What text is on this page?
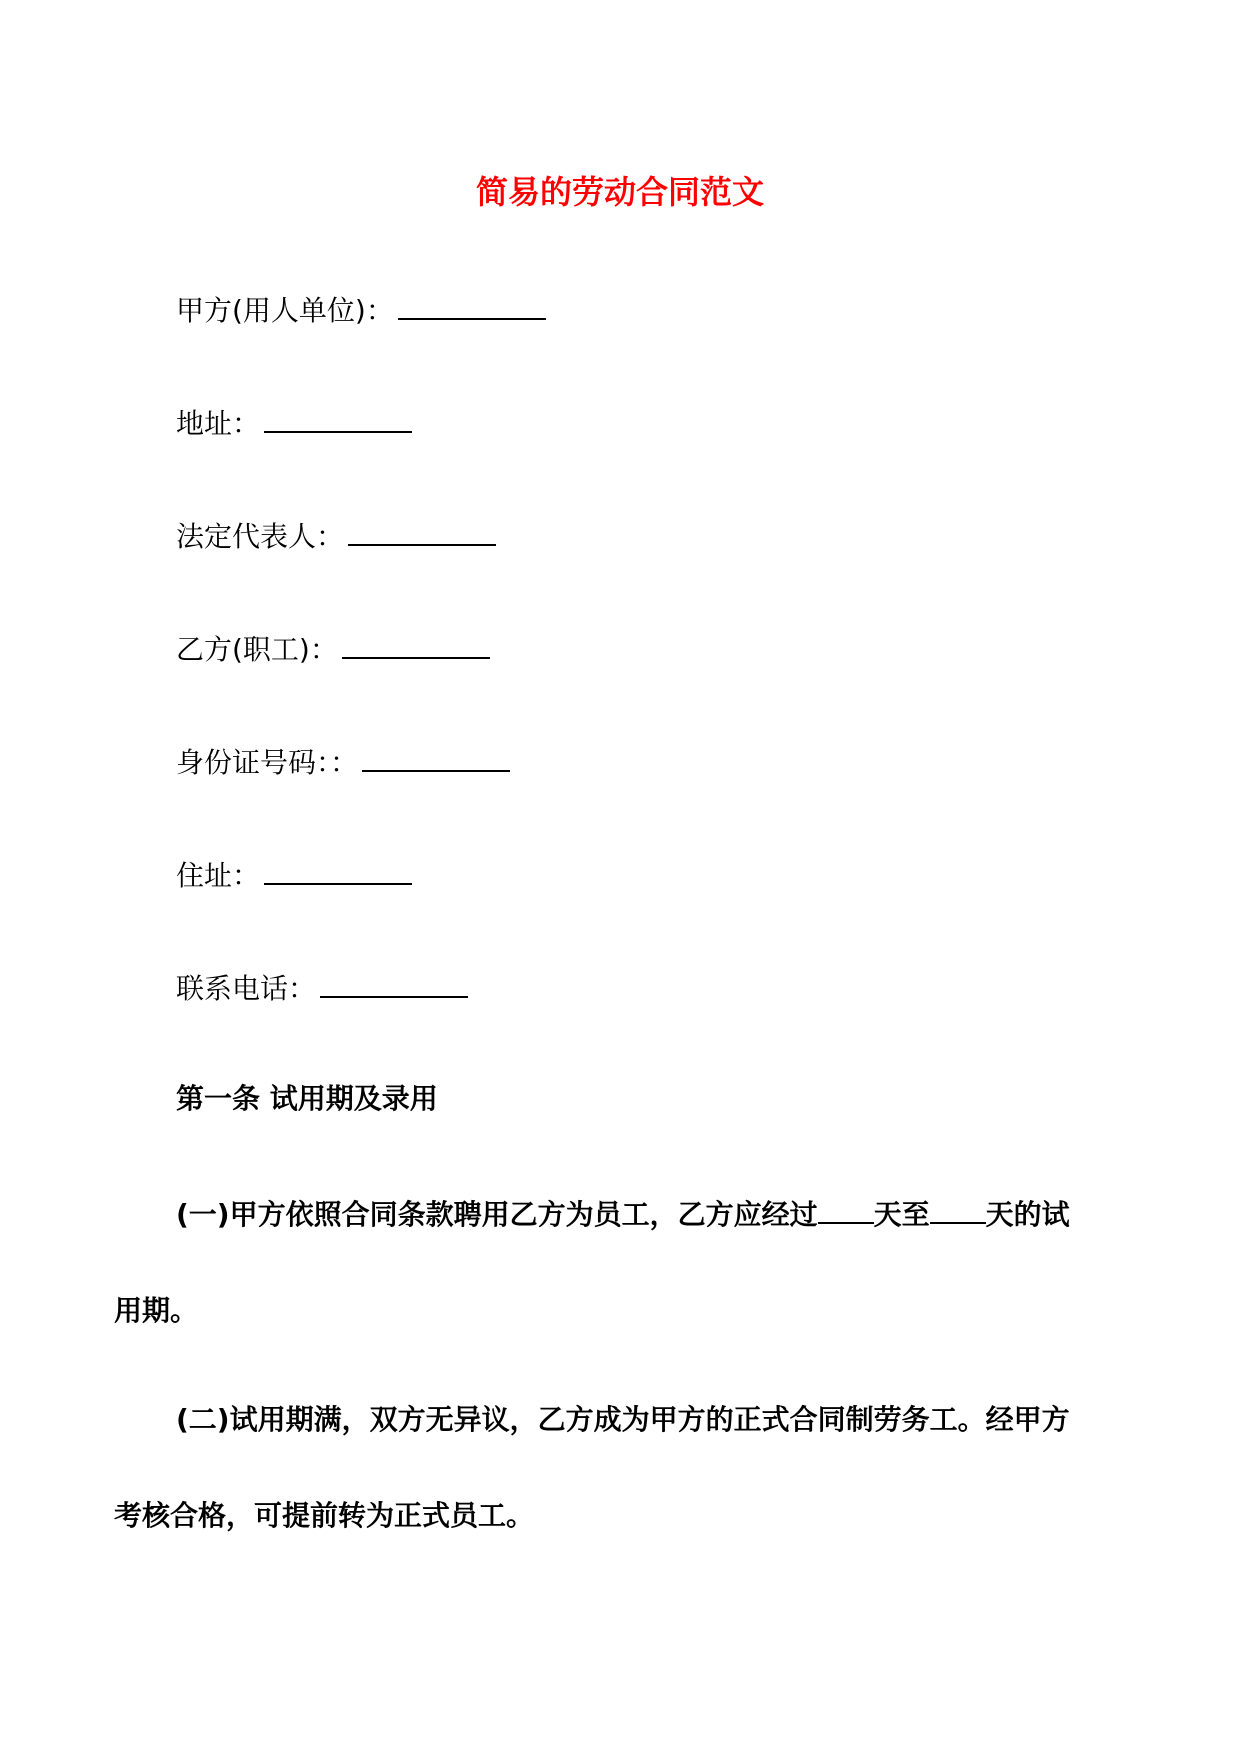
简易的劳动合同范文
甲方(用人单位)：
地址：
法定代表人：
乙方(职工)：
身份证号码：：
住址：
联系电话：
第一条 试用期及录用
(一)甲方依照合同条款聘用乙方为员工，乙方应经过 天至 天的试
用期。
(二)试用期满，双方无异议，乙方成为甲方的正式合同制劳务工。经甲方
考核合格，可提前转为正式员工。
